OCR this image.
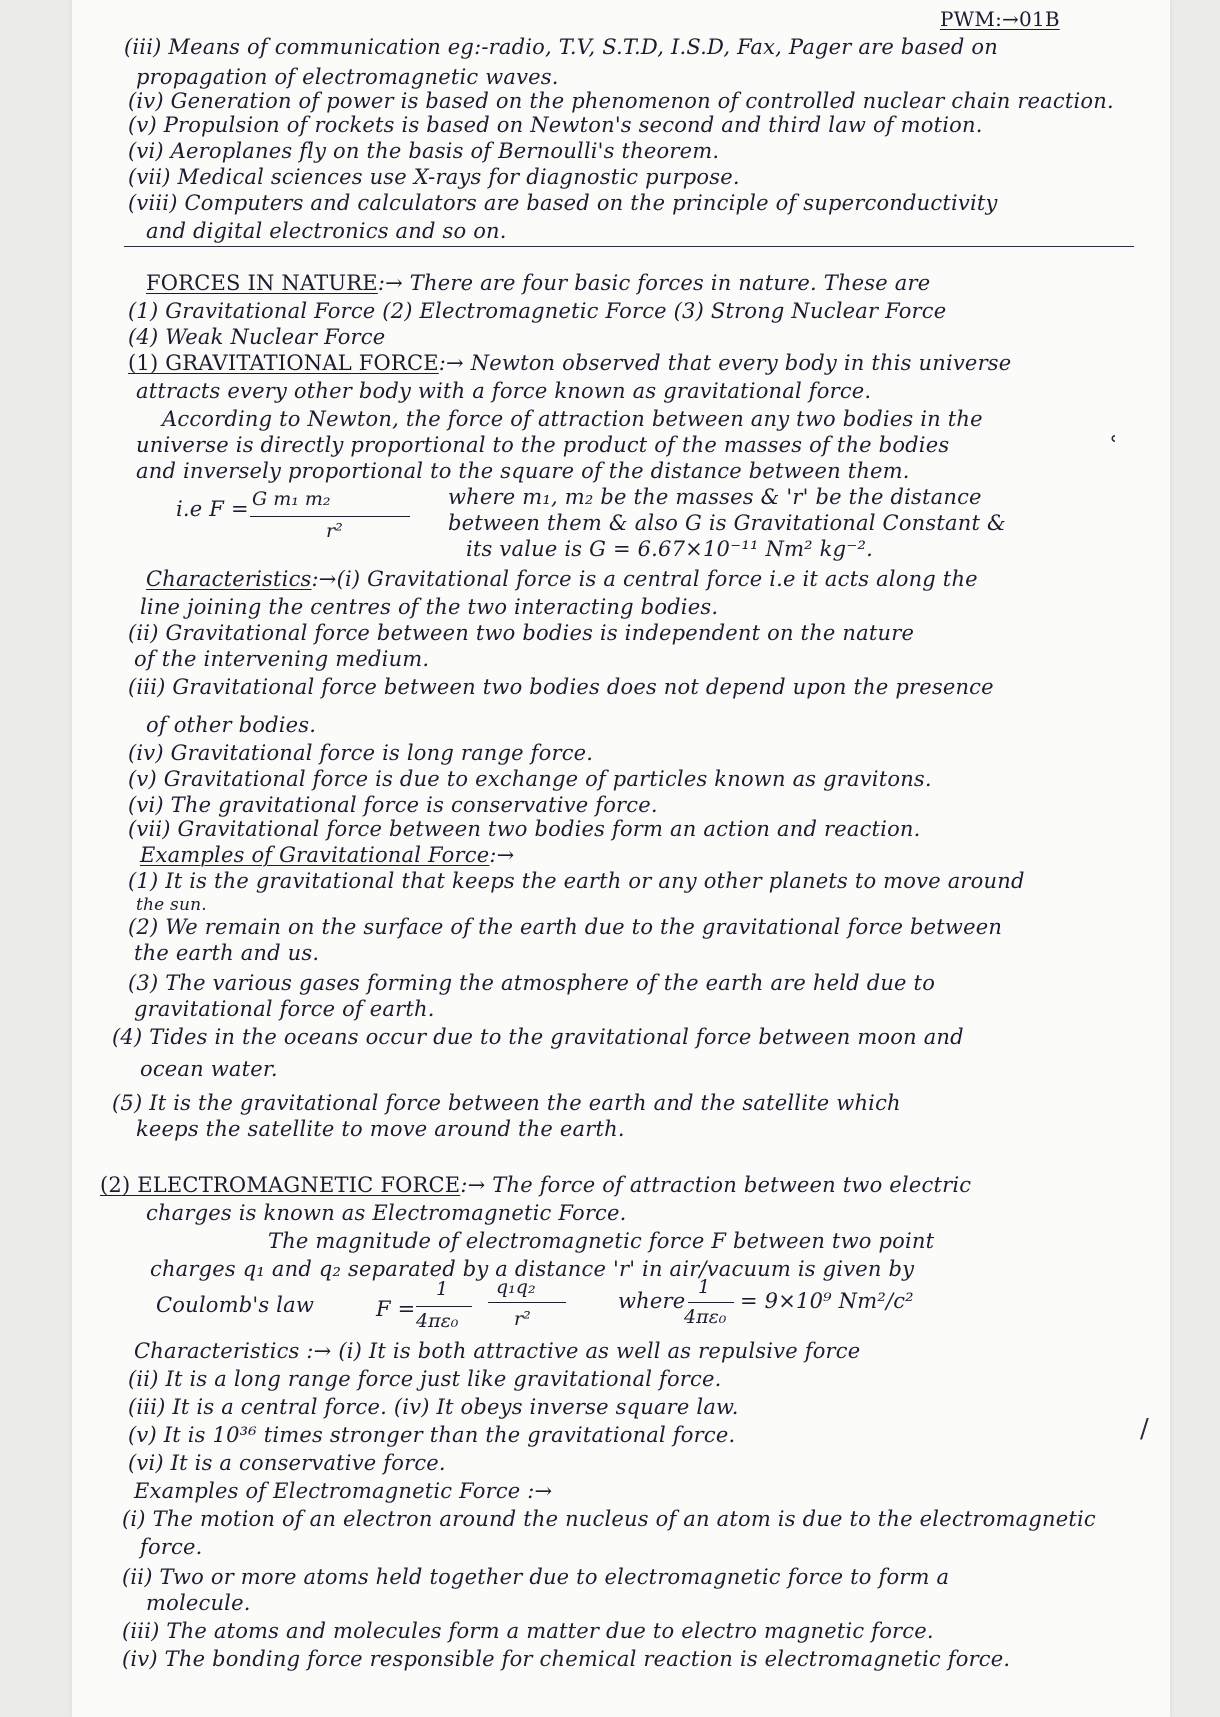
PWM:→01B
(iii) Means of communication eg:-radio, T.V, S.T.D, I.S.D, Fax, Pager are based on
propagation of electromagnetic waves.
(iv) Generation of power is based on the phenomenon of controlled nuclear chain reaction.
(v) Propulsion of rockets is based on Newton's second and third law of motion.
(vi) Aeroplanes fly on the basis of Bernoulli's theorem.
(vii) Medical sciences use X-rays for diagnostic purpose.
(viii) Computers and calculators are based on the principle of superconductivity
and digital electronics and so on.
FORCES IN NATURE:→ There are four basic forces in nature. These are
(1) Gravitational Force (2) Electromagnetic Force (3) Strong Nuclear Force
(4) Weak Nuclear Force
(1) GRAVITATIONAL FORCE:→ Newton observed that every body in this universe
attracts every other body with a force known as gravitational force.
According to Newton, the force of attraction between any two bodies in the
universe is directly proportional to the product of the masses of the bodies
and inversely proportional to the square of the distance between them.
i.e F = G m₁ m₂
r²
where m₁, m₂ be the masses & 'r' be the distance
between them & also G is Gravitational Constant &
its value is G = 6.67×10⁻¹¹ Nm² kg⁻².
Characteristics:→(i) Gravitational force is a central force i.e it acts along the
line joining the centres of the two interacting bodies.
(ii) Gravitational force between two bodies is independent on the nature
of the intervening medium.
(iii) Gravitational force between two bodies does not depend upon the presence
of other bodies.
(iv) Gravitational force is long range force.
(v) Gravitational force is due to exchange of particles known as gravitons.
(vi) The gravitational force is conservative force.
(vii) Gravitational force between two bodies form an action and reaction.
Examples of Gravitational Force:→
(1) It is the gravitational that keeps the earth or any other planets to move around
the sun.
(2) We remain on the surface of the earth due to the gravitational force between
the earth and us.
(3) The various gases forming the atmosphere of the earth are held due to
gravitational force of earth.
(4) Tides in the oceans occur due to the gravitational force between moon and
ocean water.
(5) It is the gravitational force between the earth and the satellite which
keeps the satellite to move around the earth.
(2) ELECTROMAGNETIC FORCE:→ The force of attraction between two electric
charges is known as Electromagnetic Force.
The magnitude of electromagnetic force F between two point
charges q₁ and q₂ separated by a distance 'r' in air/vacuum is given by
Coulomb's law	F =
1
4πε₀
q₁q₂
r²
where
1
4πε₀
= 9×10⁹ Nm²/c²
Characteristics :→ (i) It is both attractive as well as repulsive force
(ii) It is a long range force just like gravitational force.
(iii) It is a central force. (iv) It obeys inverse square law.
(v) It is 10³⁶ times stronger than the gravitational force.
(vi) It is a conservative force.
Examples of Electromagnetic Force :→
(i) The motion of an electron around the nucleus of an atom is due to the electromagnetic
force.
(ii) Two or more atoms held together due to electromagnetic force to form a
molecule.
(iii) The atoms and molecules form a matter due to electro magnetic force.
(iv) The bonding force responsible for chemical reaction is electromagnetic force.
ʿ
/
